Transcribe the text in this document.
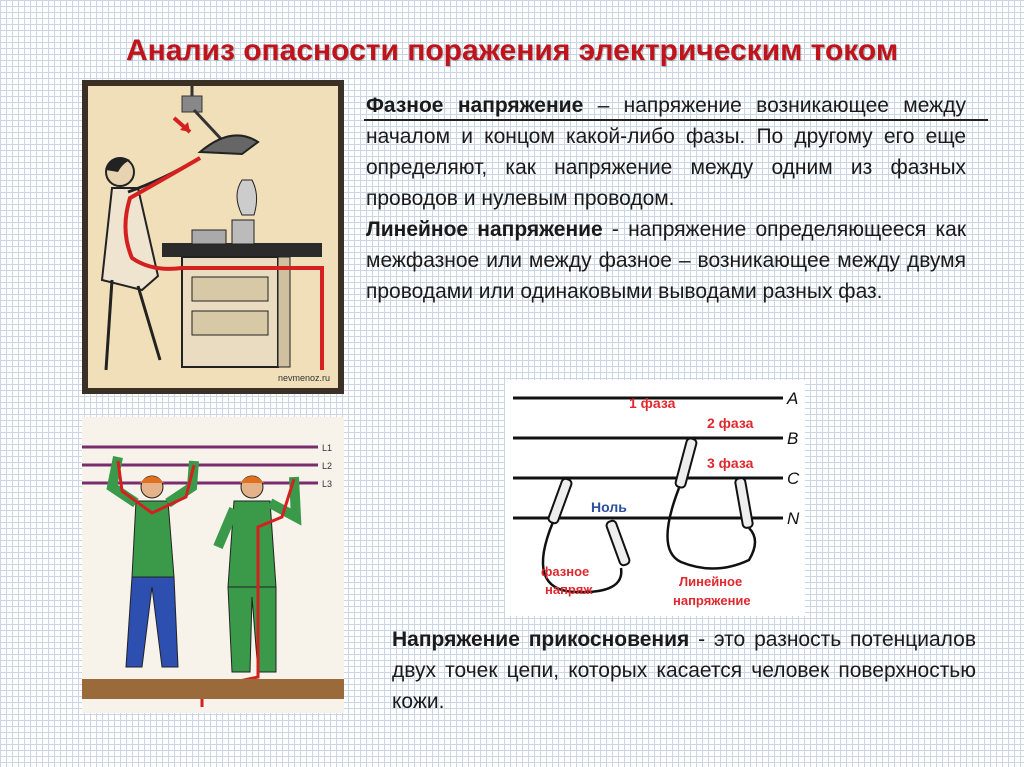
Анализ опасности поражения электрическим током
nevmenoz.ru
L1
L2
L3
A
B
C
N
1 фаза
2 фаза
3 фаза
Ноль
фазное
напряж
Линейное
напряжение

Фазное напряжение – напряжение возникающее между началом и концом какой-либо фазы. По другому его еще определяют, как напряжение между одним из фазных проводов и нулевым проводом.

Линейное напряжение - напряжение определяющееся как межфазное или между фазное – возникающее между двумя проводами или одинаковыми выводами разных фаз.

Напряжение прикосновения - это разность потенциалов двух точек цепи, которых касается человек поверхностью кожи.
